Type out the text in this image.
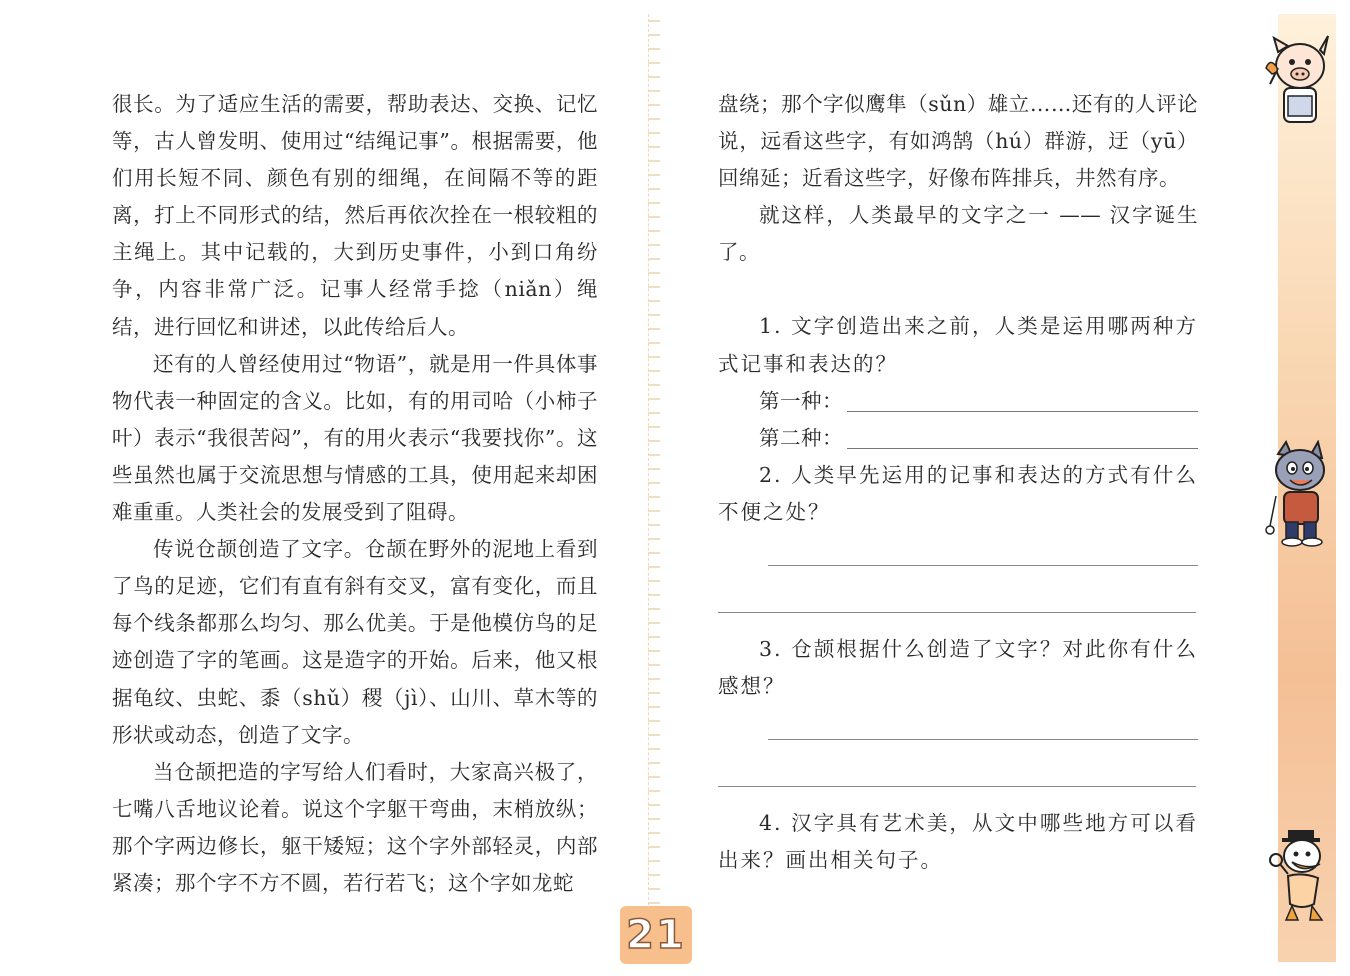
很长。为了适应生活的需要，帮助表达、交换、记忆等，古人曾发明、使用过“结绳记事”。根据需要，他们用长短不同、颜色有别的细绳，在间隔不等的距离，打上不同形式的结，然后再依次拴在一根较粗的主绳上。其中记载的，大到历史事件，小到口角纷争，内容非常广泛。记事人经常手捻（niǎn）绳结，进行回忆和讲述，以此传给后人。

还有的人曾经使用过“物语”，就是用一件具体事物代表一种固定的含义。比如，有的用司哈（小柿子叶）表示“我很苦闷”，有的用火表示“我要找你”。这些虽然也属于交流思想与情感的工具，使用起来却困难重重。人类社会的发展受到了阻碍。

传说仓颉创造了文字。仓颉在野外的泥地上看到了鸟的足迹，它们有直有斜有交叉，富有变化，而且每个线条都那么均匀、那么优美。于是他模仿鸟的足迹创造了字的笔画。这是造字的开始。后来，他又根据龟纹、虫蛇、黍（shǔ）稷（jì）、山川、草木等的形状或动态，创造了文字。

当仓颉把造的字写给人们看时，大家高兴极了，七嘴八舌地议论着。说这个字躯干弯曲，末梢放纵；那个字两边修长，躯干矮短；这个字外部轻灵，内部紧凑；那个字不方不圆，若行若飞；这个字如龙蛇

盘绕；那个字似鹰隼（sǔn）雄立……还有的人评论说，远看这些字，有如鸿鹄（hú）群游，迂（yū）回绵延；近看这些字，好像布阵排兵，井然有序。

就这样，人类最早的文字之一 —— 汉字诞生了。

1. 文字创造出来之前，人类是运用哪两种方式记事和表达的？

第一种：
第二种：

2. 人类早先运用的记事和表达的方式有什么不便之处？

3. 仓颉根据什么创造了文字？对此你有什么感想？

4. 汉字具有艺术美，从文中哪些地方可以看出来？画出相关句子。

21
